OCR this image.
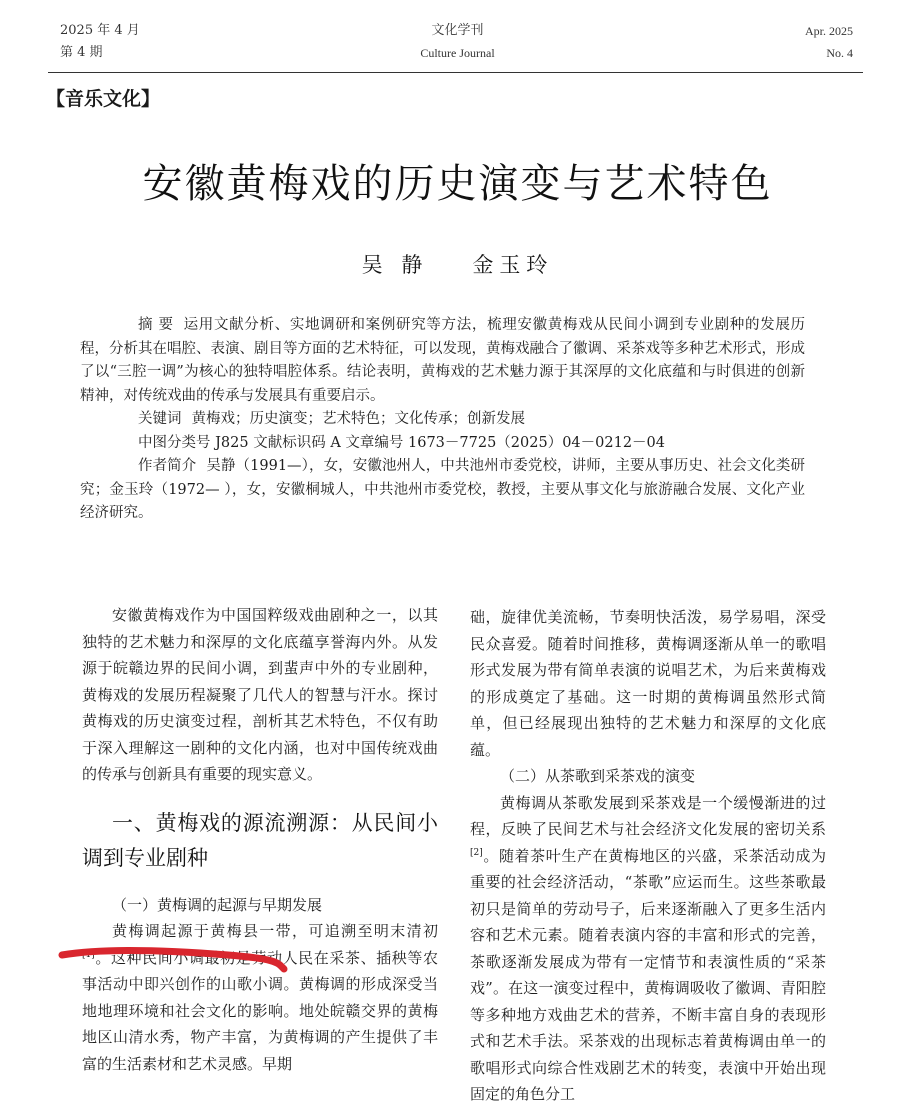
2025 年 4 月
第 4 期
文化学刊
Culture Journal
Apr. 2025
No. 4
【音乐文化】
安徽黄梅戏的历史演变与艺术特色
吴 静 金玉玲

摘 要 运用文献分析、实地调研和案例研究等方法，梳理安徽黄梅戏从民间小调到专业剧种的发展历程，分析其在唱腔、表演、剧目等方面的艺术特征，可以发现，黄梅戏融合了徽调、采茶戏等多种艺术形式，形成了以“三腔一调”为核心的独特唱腔体系。结论表明，黄梅戏的艺术魅力源于其深厚的文化底蕴和与时俱进的创新精神，对传统戏曲的传承与发展具有重要启示。

关键词 黄梅戏；历史演变；艺术特色；文化传承；创新发展

中图分类号 J825 文献标识码 A 文章编号 1673－7725（2025）04－0212－04

作者简介 吴静（1991—），女，安徽池州人，中共池州市委党校，讲师，主要从事历史、社会文化类研究；金玉玲（1972— ），女，安徽桐城人，中共池州市委党校，教授，主要从事文化与旅游融合发展、文化产业经济研究。

安徽黄梅戏作为中国国粹级戏曲剧种之一，以其独特的艺术魅力和深厚的文化底蕴享誉海内外。从发源于皖赣边界的民间小调，到蜚声中外的专业剧种，黄梅戏的发展历程凝聚了几代人的智慧与汗水。探讨黄梅戏的历史演变过程，剖析其艺术特色，不仅有助于深入理解这一剧种的文化内涵，也对中国传统戏曲的传承与创新具有重要的现实意义。

一、黄梅戏的源流溯源：从民间小调到专业剧种
（一）黄梅调的起源与早期发展

黄梅调起源于黄梅县一带，可追溯至明末清初[1]。这种民间小调最初是劳动人民在采茶、插秧等农事活动中即兴创作的山歌小调。黄梅调的形成深受当地地理环境和社会文化的影响。地处皖赣交界的黄梅地区山清水秀，物产丰富，为黄梅调的产生提供了丰富的生活素材和艺术灵感。早期

础，旋律优美流畅，节奏明快活泼，易学易唱，深受民众喜爱。随着时间推移，黄梅调逐渐从单一的歌唱形式发展为带有简单表演的说唱艺术，为后来黄梅戏的形成奠定了基础。这一时期的黄梅调虽然形式简单，但已经展现出独特的艺术魅力和深厚的文化底蕴。

（二）从茶歌到采茶戏的演变

黄梅调从茶歌发展到采茶戏是一个缓慢渐进的过程，反映了民间艺术与社会经济文化发展的密切关系[2]。随着茶叶生产在黄梅地区的兴盛，采茶活动成为重要的社会经济活动，“茶歌”应运而生。这些茶歌最初只是简单的劳动号子，后来逐渐融入了更多生活内容和艺术元素。随着表演内容的丰富和形式的完善，茶歌逐渐发展成为带有一定情节和表演性质的“采茶戏”。在这一演变过程中，黄梅调吸收了徽调、青阳腔等多种地方戏曲艺术的营养，不断丰富自身的表现形式和艺术手法。采茶戏的出现标志着黄梅调由单一的歌唱形式向综合性戏剧艺术的转变，表演中开始出现固定的角色分工
